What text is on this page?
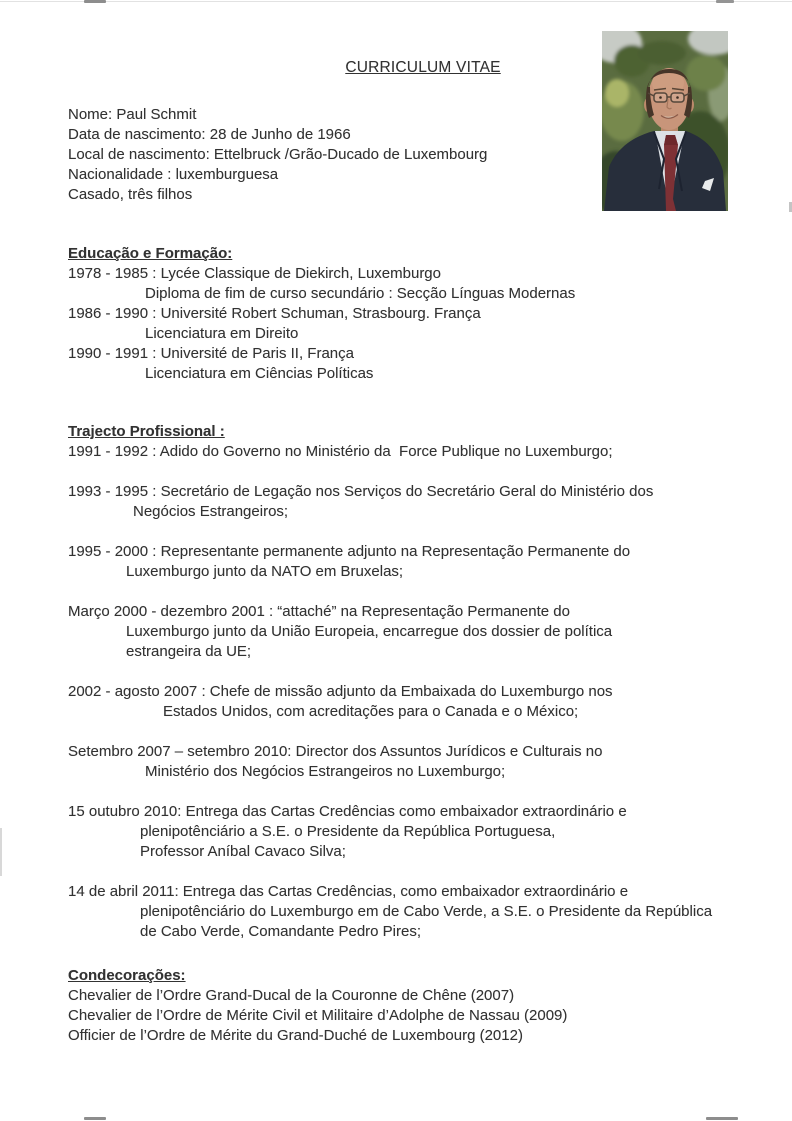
CURRICULUM VITAE

Nome: Paul Schmit

Data de nascimento: 28 de Junho de 1966

Local de nascimento: Ettelbruck /Grão-Ducado de Luxembourg

Nacionalidade : luxemburguesa

Casado, três filhos

Educação e Formação:

1978 - 1985 : Lycée Classique de Diekirch, Luxemburgo

Diploma de fim de curso secundário : Secção Línguas Modernas

1986 - 1990 : Université Robert Schuman, Strasbourg. França

Licenciatura em Direito

1990 - 1991 : Université de Paris II, França

Licenciatura em Ciências Políticas

Trajecto Profissional :

1991 - 1992 : Adido do Governo no Ministério da  Force Publique no Luxemburgo;

1993 - 1995 : Secretário de Legação nos Serviços do Secretário Geral do Ministério dos

Negócios Estrangeiros;

1995 - 2000 : Representante permanente adjunto na Representação Permanente do

Luxemburgo junto da NATO em Bruxelas;

Março 2000 - dezembro 2001 : “attaché” na Representação Permanente do

Luxemburgo junto da União Europeia, encarregue dos dossier de política

estrangeira da UE;

2002 - agosto 2007 : Chefe de missão adjunto da Embaixada do Luxemburgo nos

Estados Unidos, com acreditações para o Canada e o México;

Setembro 2007 – setembro 2010: Director dos Assuntos Jurídicos e Culturais no

Ministério dos Negócios Estrangeiros no Luxemburgo;

15 outubro 2010: Entrega das Cartas Credências como embaixador extraordinário e

plenipotênciário a S.E. o Presidente da República Portuguesa,

Professor Aníbal Cavaco Silva;

14 de abril 2011: Entrega das Cartas Credências, como embaixador extraordinário e

plenipotênciário do Luxemburgo em de Cabo Verde, a S.E. o Presidente da República

de Cabo Verde, Comandante Pedro Pires;

Condecorações:

Chevalier de l’Ordre Grand-Ducal de la Couronne de Chêne (2007)

Chevalier de l’Ordre de Mérite Civil et Militaire d’Adolphe de Nassau (2009)

Officier de l’Ordre de Mérite du Grand-Duché de Luxembourg (2012)
